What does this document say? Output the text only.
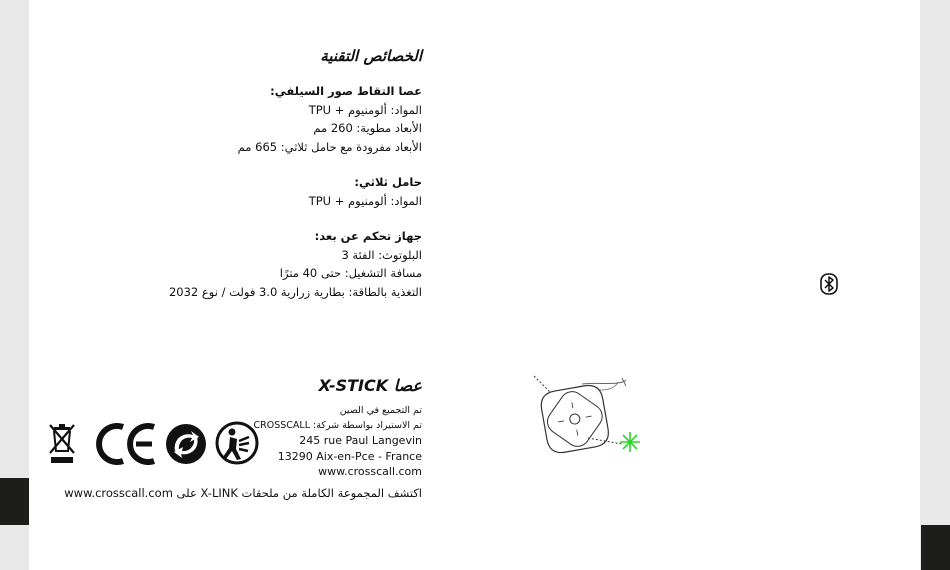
الخصائص التقنية
عصا التقاط صور السيلفي:
المواد: ألومنيوم + TPU
الأبعاد مطوية: 260 مم
الأبعاد مفرودة مع حامل ثلاثي: 665 مم
حامل ثلاثي:
المواد: ألومنيوم + TPU
جهاز تحكم عن بعد:
البلوتوث: الفئة 3
مسافة التشغيل: حتى 40 مترًا
التغذية بالطاقة: بطارية زرارية 3.0 فولت / نوع 2032
عصا X-STICK
تم التجميع في الصين
تم الاستيراد بواسطة شركة: CROSSCALL
245 rue Paul Langevin
13290 Aix-en-Pce - France
www.crosscall.com
اكتشف المجموعة الكاملة من ملحقات X-LINK على www.crosscall.com
